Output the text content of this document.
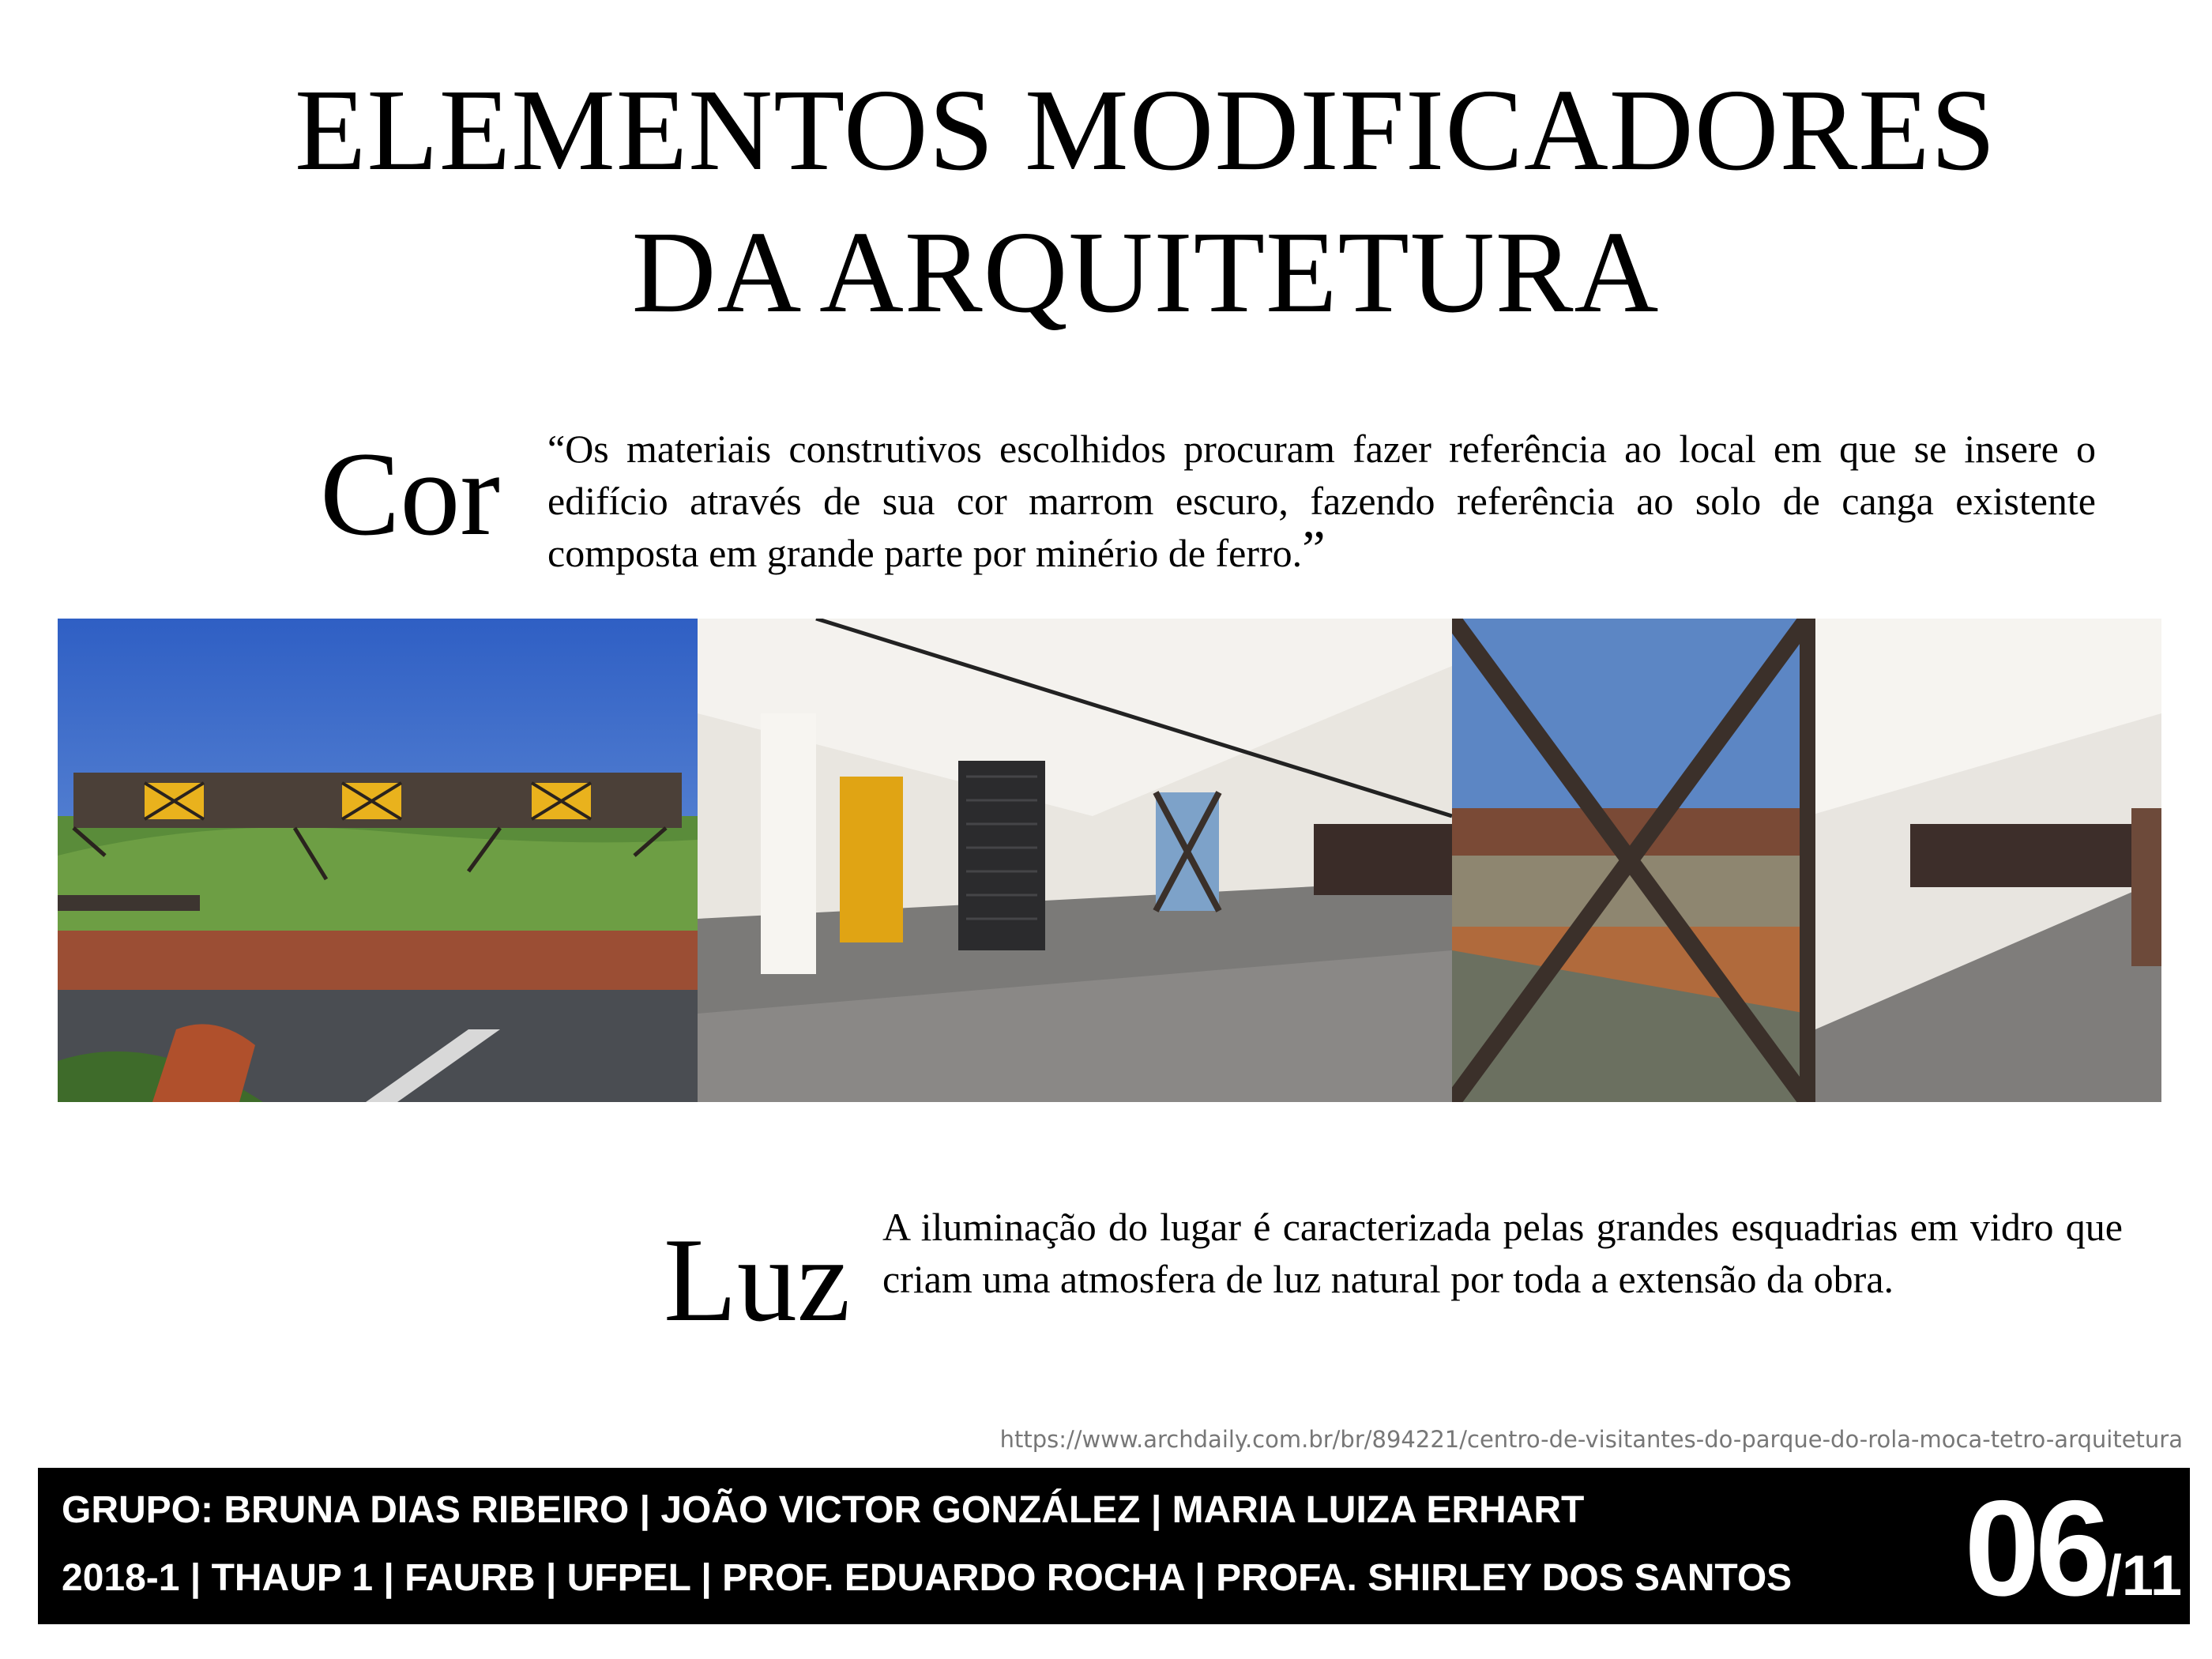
ELEMENTOS MODIFICADORES
DA ARQUITETURA
Cor “Os materiais construtivos escolhidos procuram fazer referência ao local em que se insere o edifício através de sua cor marrom escuro, fazendo referência ao solo de canga existente composta em grande parte por minério de ferro.”

Luz A iluminação do lugar é caracterizada pelas grandes esquadrias em vidro que criam uma atmosfera de luz natural por toda a extensão da obra.

https://www.archdaily.com.br/br/894221/centro-de-visitantes-do-parque-do-rola-moca-tetro-arquitetura
GRUPO: BRUNA DIAS RIBEIRO | JOÃO VICTOR GONZÁLEZ | MARIA LUIZA ERHART
2018-1 | THAUP 1 | FAURB | UFPEL | PROF. EDUARDO ROCHA | PROFA. SHIRLEY DOS SANTOS 06/11
